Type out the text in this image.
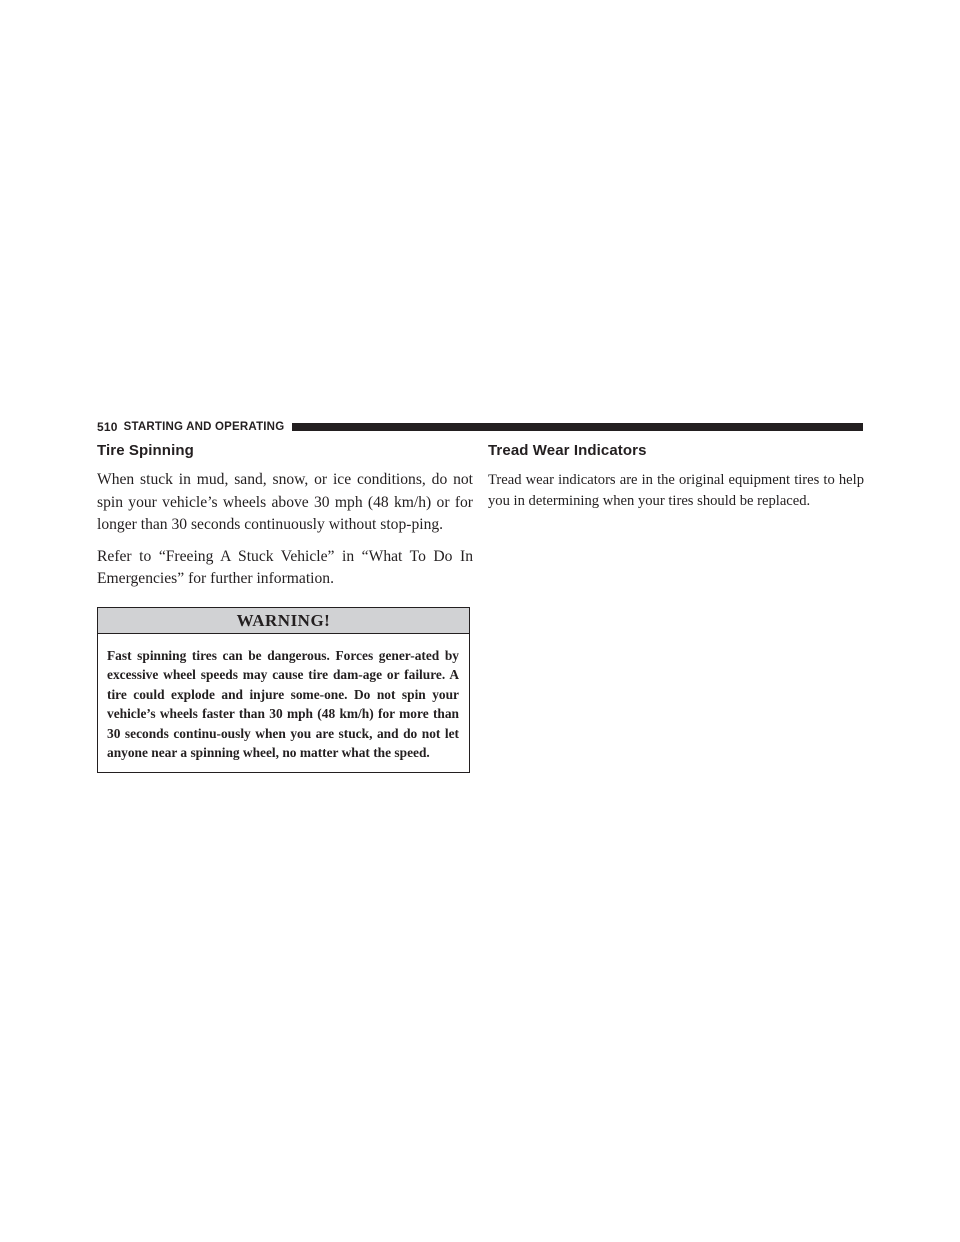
510 STARTING AND OPERATING
Tire Spinning

When stuck in mud, sand, snow, or ice conditions, do not spin your vehicle’s wheels above 30 mph (48 km/h) or for longer than 30 seconds continuously without stop-ping.

Refer to “Freeing A Stuck Vehicle” in “What To Do In Emergencies” for further information.

WARNING!

Fast spinning tires can be dangerous. Forces gener-ated by excessive wheel speeds may cause tire dam-age or failure. A tire could explode and injure some-one. Do not spin your vehicle’s wheels faster than 30 mph (48 km/h) for more than 30 seconds continu-ously when you are stuck, and do not let anyone near a spinning wheel, no matter what the speed.

Tread Wear Indicators

Tread wear indicators are in the original equipment tires to help you in determining when your tires should be replaced.
